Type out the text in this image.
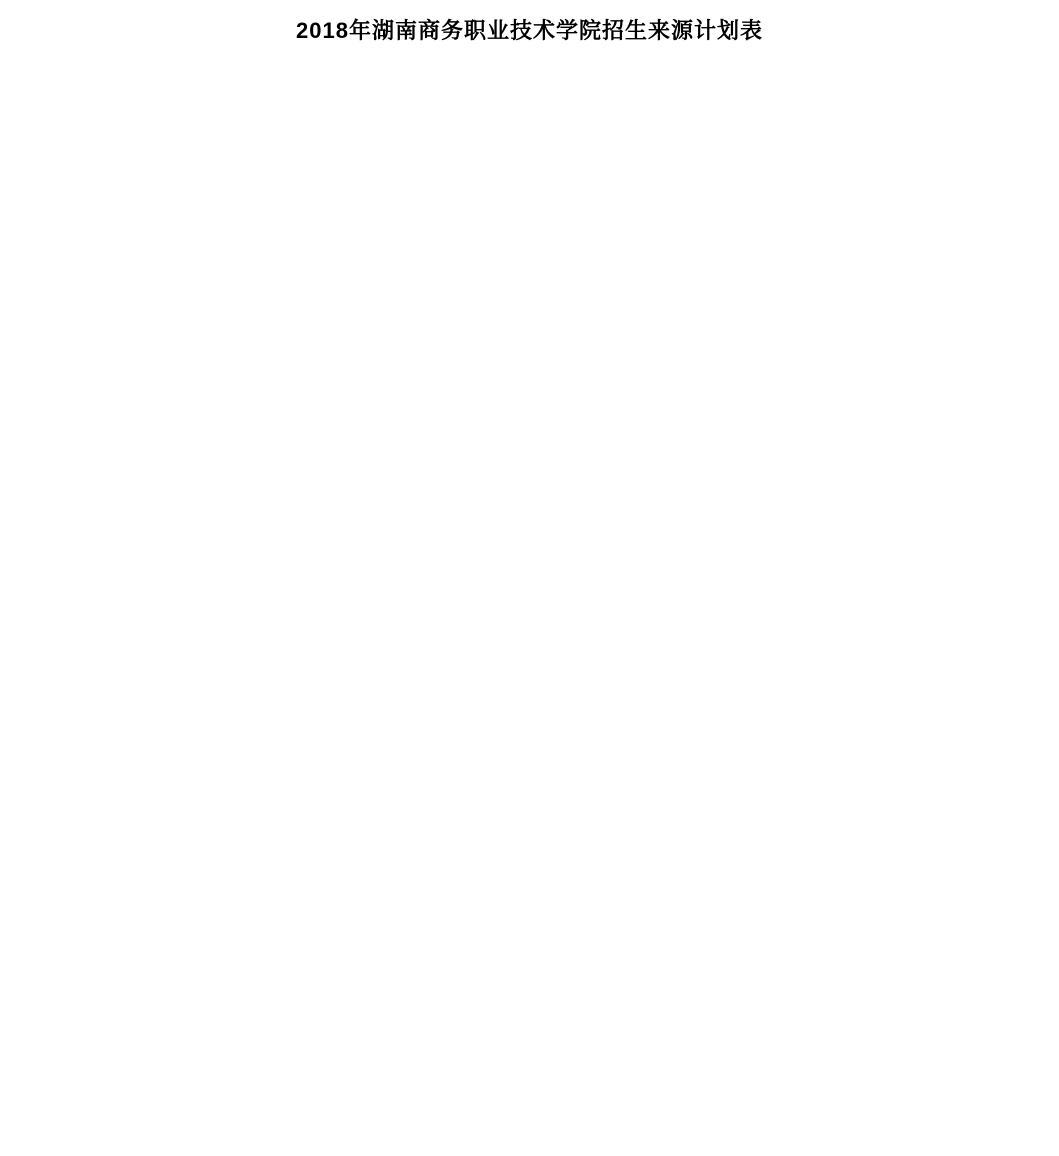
2018年湖南商务职业技术学院招生来源计划表
